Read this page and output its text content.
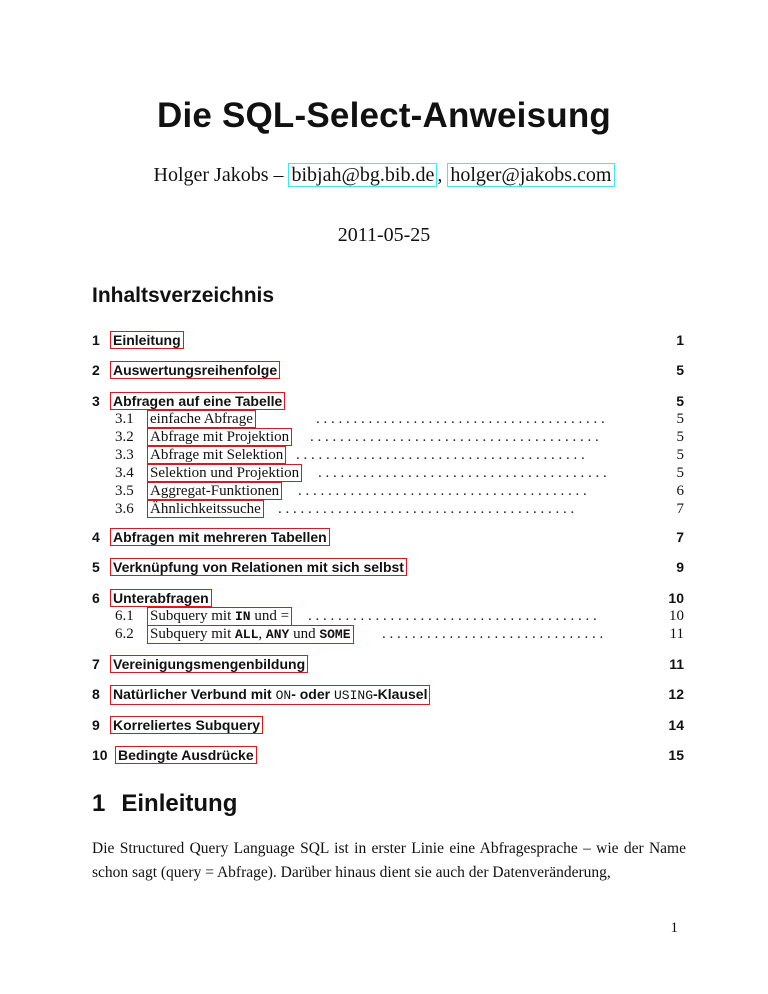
Die SQL-Select-Anweisung
Holger Jakobs – bibjah@bg.bib.de , holger@jakobs.com
2011-05-25
Inhaltsverzeichnis
1 Einleitung	1
2 Auswertungsreihenfolge	5
3 Abfragen auf eine Tabelle	5
3.1 einfache Abfrage	. . . . . . . . . . . . . . . . . . . . . . . . . . . . . . . . . . . . . . .	5
3.2 Abfrage mit Projektion . . . . . . . . . . . . . . . . . . . . . . . . . . . . . . . . . . . . . . .	5
3.3 Abfrage mit Selektion . . . . . . . . . . . . . . . . . . . . . . . . . . . . . . . . . . . . . . .	5
3.4 Selektion und Projektion . . . . . . . . . . . . . . . . . . . . . . . . . . . . . . . . . . . . . . .	5
3.5 Aggregat-Funktionen . . . . . . . . . . . . . . . . . . . . . . . . . . . . . . . . . . . . . . .	6
3.6 Ähnlichkeitssuche . . . . . . . . . . . . . . . . . . . . . . . . . . . . . . . . . . . . . . . .	7
4 Abfragen mit mehreren Tabellen	7
5 Verknüpfung von Relationen mit sich selbst	9
6 Unterabfragen	10
6.1 Subquery mit IN und = . . . . . . . . . . . . . . . . . . . . . . . . . . . . . . . . . . . . . . .	10
6.2 Subquery mit ALL, ANY und SOME . . . . . . . . . . . . . . . . . . . . . . . . . . . . . .	11
7 Vereinigungsmengenbildung	11
8 Natürlicher Verbund mit ON- oder USING-Klausel	12
9 Korreliertes Subquery	14
10 Bedingte Ausdrücke	15
1 Einleitung
Die Structured Query Language SQL ist in erster Linie eine Abfragesprache – wie der Name schon sagt (query = Abfrage). Darüber hinaus dient sie auch der Datenveränderung,
1
